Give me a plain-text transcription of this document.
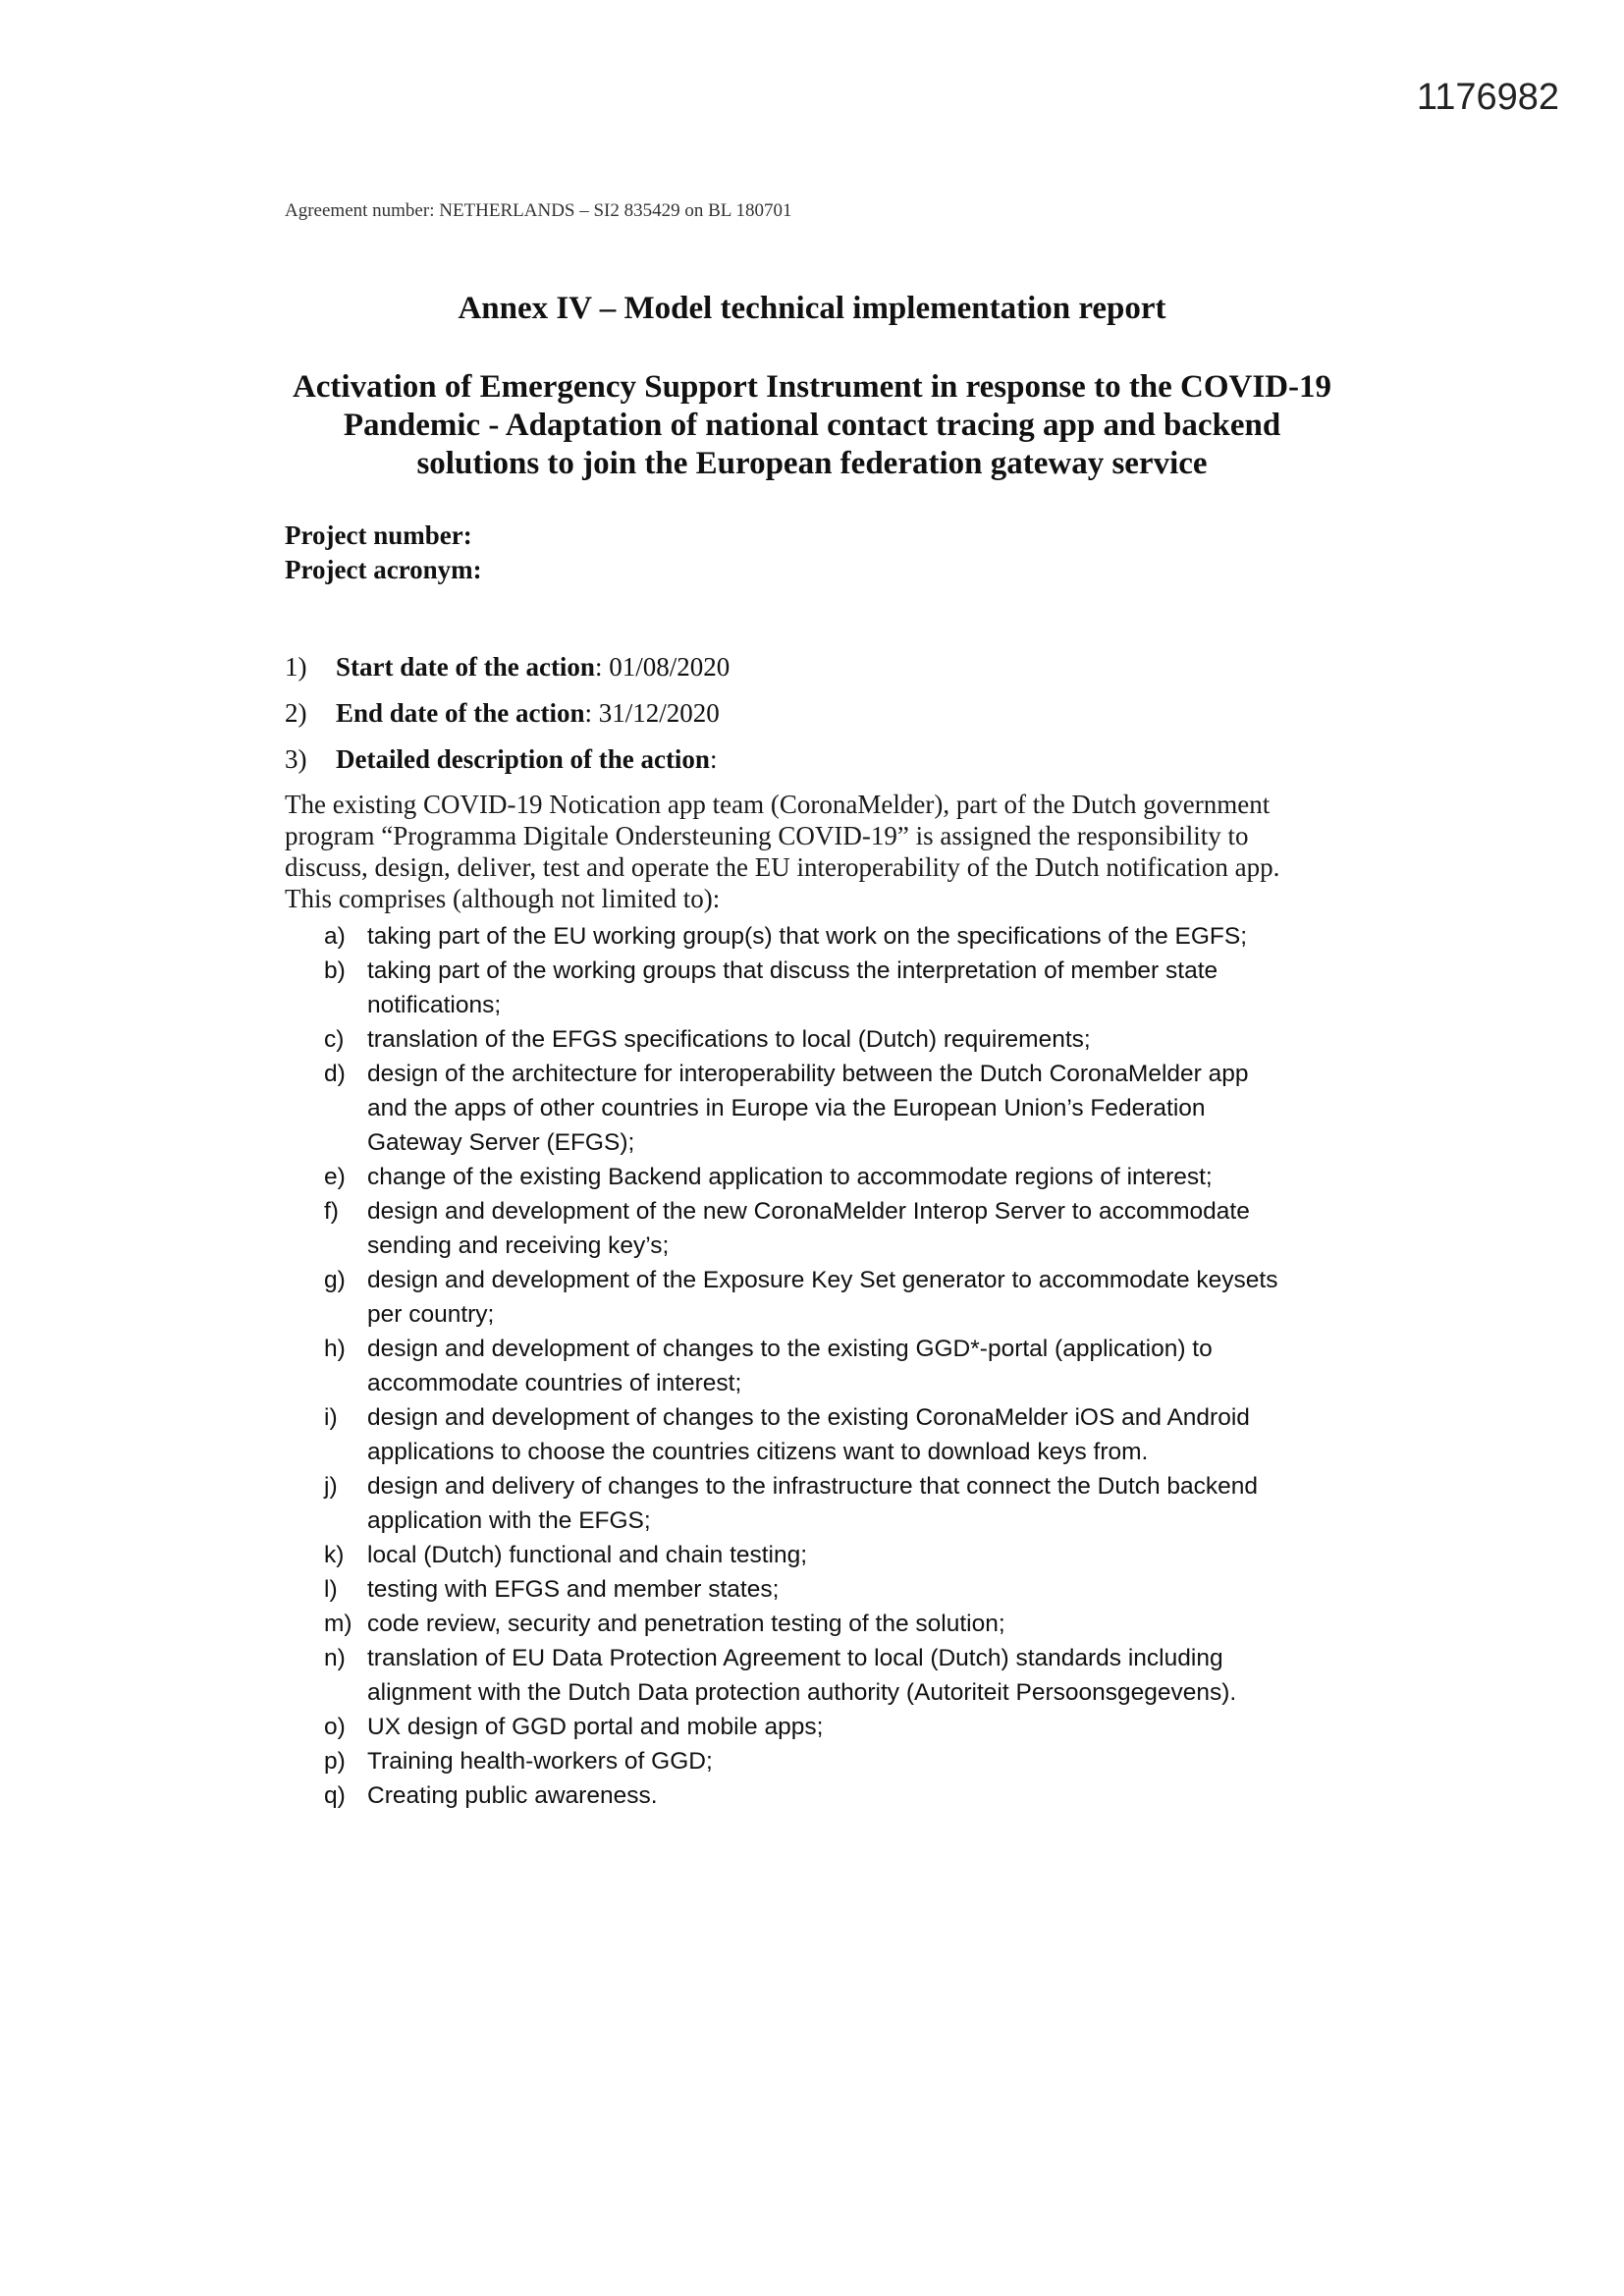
1176982
Agreement number: NETHERLANDS – SI2 835429 on BL 180701
Annex IV – Model technical implementation report
Activation of Emergency Support Instrument in response to the COVID-19
Pandemic - Adaptation of national contact tracing app and backend
solutions to join the European federation gateway service
Project number:
Project acronym:
1) Start date of the action: 01/08/2020
2) End date of the action: 31/12/2020
3) Detailed description of the action:
The existing COVID-19 Notication app team (CoronaMelder), part of the Dutch government
program “Programma Digitale Ondersteuning COVID-19” is assigned the responsibility to
discuss, design, deliver, test and operate the EU interoperability of the Dutch notification app.
This comprises (although not limited to):
a) taking part of the EU working group(s) that work on the specifications of the EGFS;
b) taking part of the working groups that discuss the interpretation of member state
notifications;
c) translation of the EFGS specifications to local (Dutch) requirements;
d) design of the architecture for interoperability between the Dutch CoronaMelder app
and the apps of other countries in Europe via the European Union’s Federation
Gateway Server (EFGS);
e) change of the existing Backend application to accommodate regions of interest;
f) design and development of the new CoronaMelder Interop Server to accommodate
sending and receiving key’s;
g) design and development of the Exposure Key Set generator to accommodate keysets
per country;
h) design and development of changes to the existing GGD*-portal (application) to
accommodate countries of interest;
i) design and development of changes to the existing CoronaMelder iOS and Android
applications to choose the countries citizens want to download keys from.
j) design and delivery of changes to the infrastructure that connect the Dutch backend
application with the EFGS;
k) local (Dutch) functional and chain testing;
l) testing with EFGS and member states;
m) code review, security and penetration testing of the solution;
n) translation of EU Data Protection Agreement to local (Dutch) standards including
alignment with the Dutch Data protection authority (Autoriteit Persoonsgegevens).
o) UX design of GGD portal and mobile apps;
p) Training health-workers of GGD;
q) Creating public awareness.
